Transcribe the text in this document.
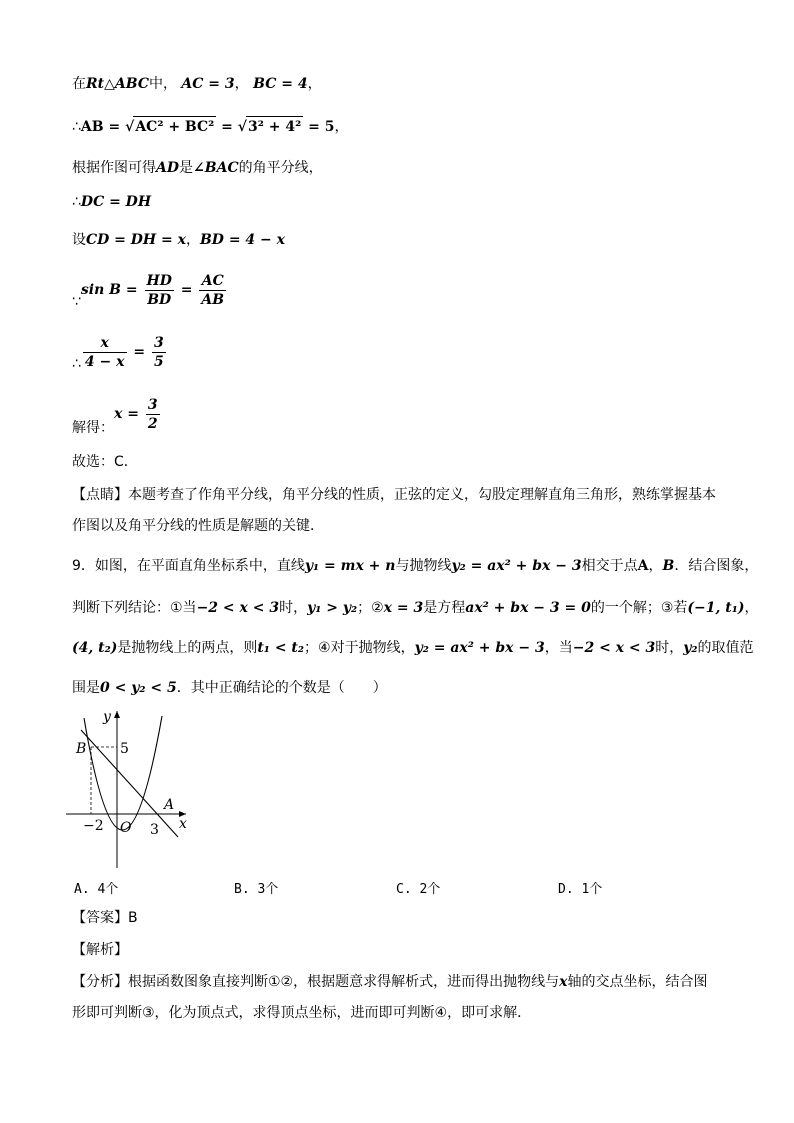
在Rt△ABC中， AC = 3， BC = 4，
∴AB = √AC² + BC² = √3² + 4² = 5，
根据作图可得AD是∠BAC的角平分线，
∴DC = DH
设CD = DH = x，BD = 4 − x
∵sin $B = \frac{HD}{BD} = \frac{AC}{AB}$
∴ $\frac{x}{4 - x} = \frac{3}{5}$
解得：$x = \frac{3}{2}$
故选：C．
【点睛】本题考查了作角平分线，角平分线的性质，正弦的定义，勾股定理解直角三角形，熟练掌握基本
作图以及角平分线的性质是解题的关键．
9．如图，在平面直角坐标系中，直线y₁ = mx + n与抛物线y₂ = ax² + bx − 3相交于点A，B．结合图象，
判断下列结论：①当−2 < x < 3时，y₁ > y₂；②x = 3是方程ax² + bx − 3 = 0的一个解；③若(−1, t₁)，
(4, t₂)是抛物线上的两点，则t₁ < t₂；④对于抛物线，y₂ = ax² + bx − 3，当−2 < x < 3时，y₂的取值范
围是0 < y₂ < 5．其中正确结论的个数是（　　）
y
x
B
A
O
5
−2	3
A. 4个	B. 3个	C. 2个	D. 1个
【答案】B
【解析】
【分析】根据函数图象直接判断①②，根据题意求得解析式，进而得出抛物线与x轴的交点坐标，结合图
形即可判断③，化为顶点式，求得顶点坐标，进而即可判断④，即可求解．
